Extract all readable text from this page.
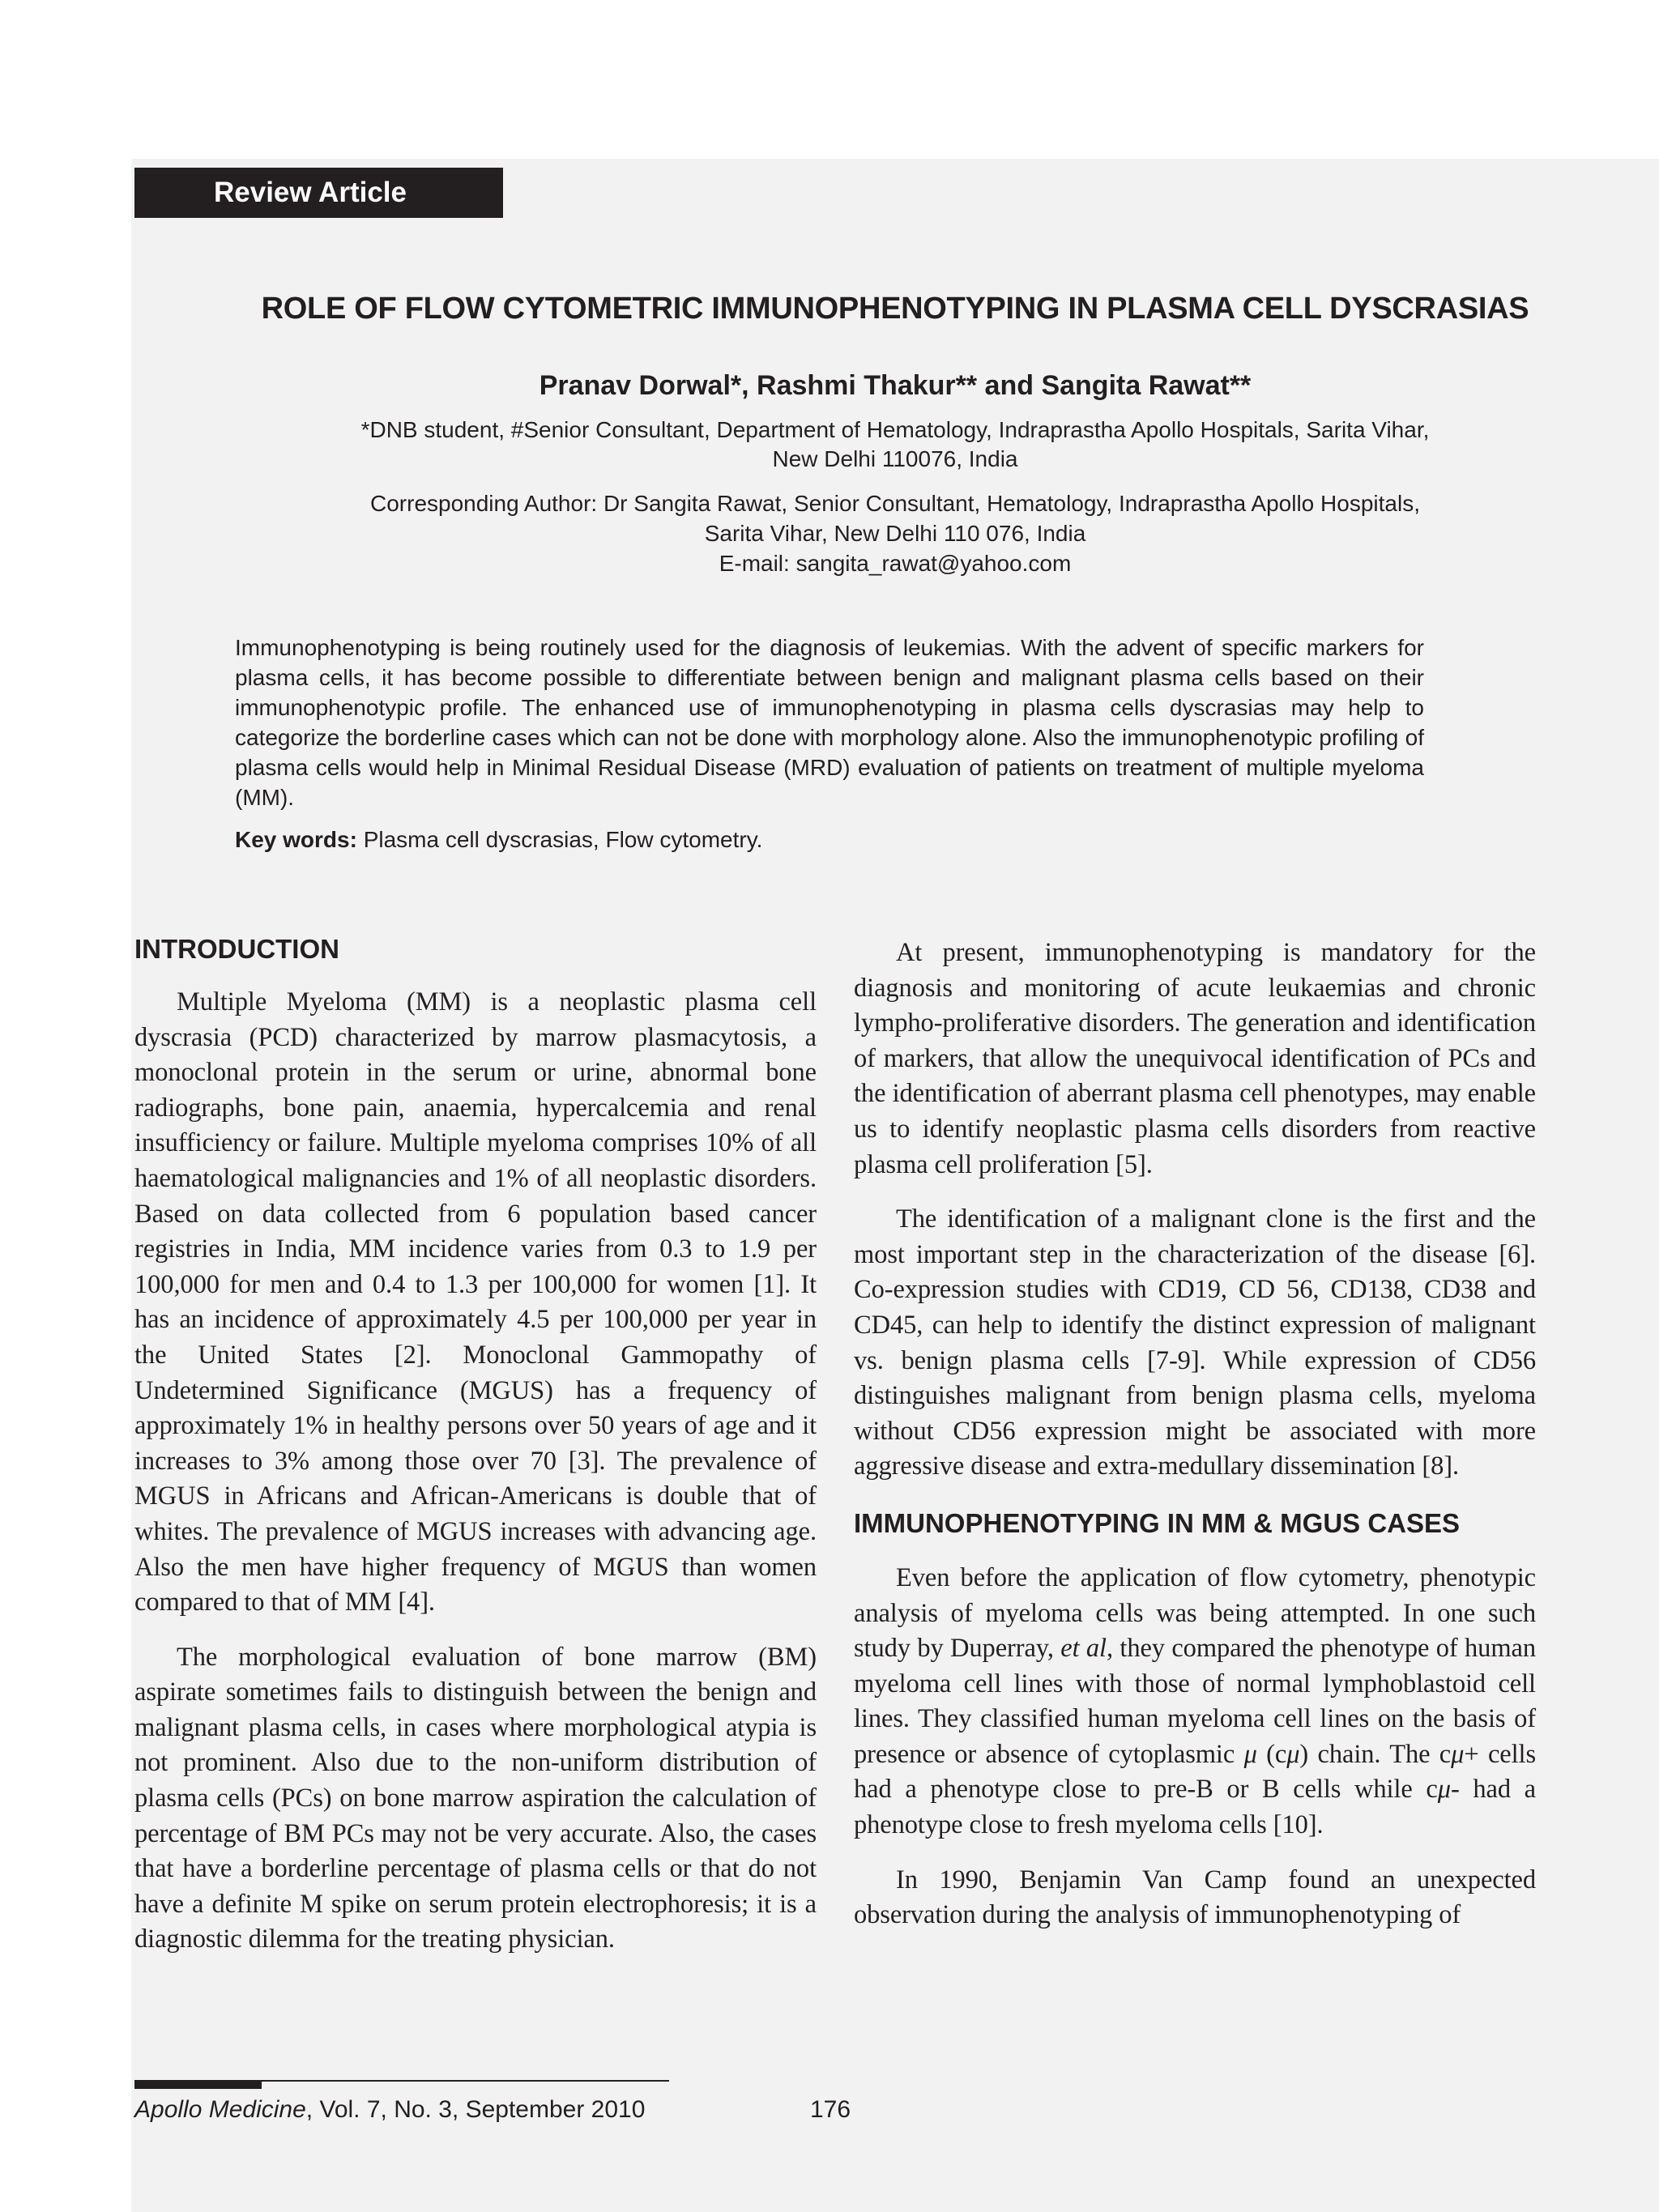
Review Article
ROLE OF FLOW CYTOMETRIC IMMUNOPHENOTYPING IN PLASMA CELL DYSCRASIAS
Pranav Dorwal*, Rashmi Thakur** and Sangita Rawat**
*DNB student, #Senior Consultant, Department of Hematology, Indraprastha Apollo Hospitals, Sarita Vihar,
New Delhi 110076, India
Corresponding Author: Dr Sangita Rawat, Senior Consultant, Hematology, Indraprastha Apollo Hospitals,
Sarita Vihar, New Delhi 110 076, India
E-mail: sangita_rawat@yahoo.com

Immunophenotyping is being routinely used for the diagnosis of leukemias. With the advent of specific markers for plasma cells, it has become possible to differentiate between benign and malignant plasma cells based on their immunophenotypic profile. The enhanced use of immunophenotyping in plasma cells dyscrasias may help to categorize the borderline cases which can not be done with morphology alone. Also the immunophenotypic profiling of plasma cells would help in Minimal Residual Disease (MRD) evaluation of patients on treatment of multiple myeloma (MM).

Key words: Plasma cell dyscrasias, Flow cytometry.
INTRODUCTION

Multiple Myeloma (MM) is a neoplastic plasma cell dyscrasia (PCD) characterized by marrow plasmacytosis, a monoclonal protein in the serum or urine, abnormal bone radiographs, bone pain, anaemia, hypercalcemia and renal insufficiency or failure. Multiple myeloma comprises 10% of all haematological malignancies and 1% of all neoplastic disorders. Based on data collected from 6 population based cancer registries in India, MM incidence varies from 0.3 to 1.9 per 100,000 for men and 0.4 to 1.3 per 100,000 for women [1]. It has an incidence of approximately 4.5 per 100,000 per year in the United States [2]. Monoclonal Gammopathy of Undetermined Significance (MGUS) has a frequency of approximately 1% in healthy persons over 50 years of age and it increases to 3% among those over 70 [3]. The prevalence of MGUS in Africans and African-Americans is double that of whites. The prevalence of MGUS increases with advancing age. Also the men have higher frequency of MGUS than women compared to that of MM [4].

The morphological evaluation of bone marrow (BM) aspirate sometimes fails to distinguish between the benign and malignant plasma cells, in cases where morphological atypia is not prominent. Also due to the non-uniform distribution of plasma cells (PCs) on bone marrow aspiration the calculation of percentage of BM PCs may not be very accurate. Also, the cases that have a borderline percentage of plasma cells or that do not have a definite M spike on serum protein electrophoresis; it is a diagnostic dilemma for the treating physician.

At present, immunophenotyping is mandatory for the diagnosis and monitoring of acute leukaemias and chronic lympho-proliferative disorders. The generation and identification of markers, that allow the unequivocal identification of PCs and the identification of aberrant plasma cell phenotypes, may enable us to identify neoplastic plasma cells disorders from reactive plasma cell proliferation [5].

The identification of a malignant clone is the first and the most important step in the characterization of the disease [6]. Co-expression studies with CD19, CD 56, CD138, CD38 and CD45, can help to identify the distinct expression of malignant vs. benign plasma cells [7-9]. While expression of CD56 distinguishes malignant from benign plasma cells, myeloma without CD56 expression might be associated with more aggressive disease and extra-medullary dissemination [8].

IMMUNOPHENOTYPING IN MM & MGUS CASES

Even before the application of flow cytometry, phenotypic analysis of myeloma cells was being attempted. In one such study by Duperray, et al, they compared the phenotype of human myeloma cell lines with those of normal lymphoblastoid cell lines. They classified human myeloma cell lines on the basis of presence or absence of cytoplasmic μ (cμ) chain. The cμ+ cells had a phenotype close to pre-B or B cells while cμ- had a phenotype close to fresh myeloma cells [10].

In 1990, Benjamin Van Camp found an unexpected observation during the analysis of immunophenotyping of

Apollo Medicine, Vol. 7, No. 3, September 2010	176
